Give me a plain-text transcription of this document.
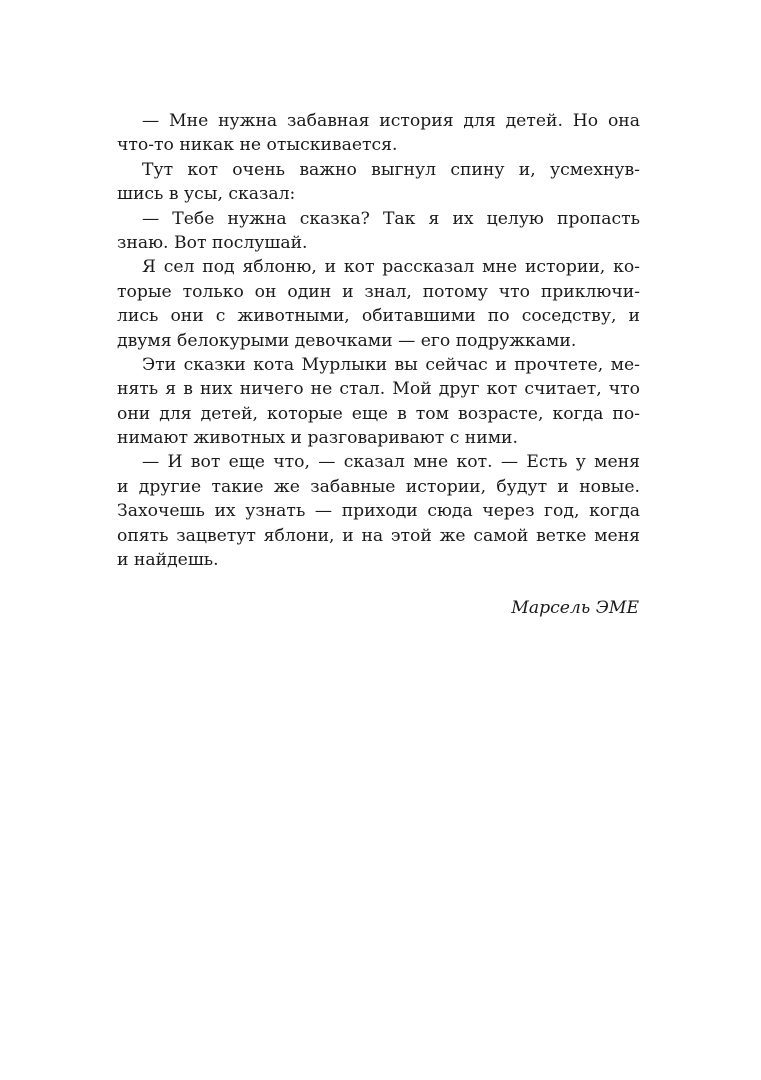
— Мне нужна забавная история для детей. Но она
что-то никак не отыскивается.
Тут кот очень важно выгнул спину и, усмехнув-
шись в усы, сказал:
— Тебе нужна сказка? Так я их целую пропасть
знаю. Вот послушай.
Я сел под яблоню, и кот рассказал мне истории, ко-
торые только он один и знал, потому что приключи-
лись они с животными, обитавшими по соседству, и
двумя белокурыми девочками — его подружками.
Эти сказки кота Мурлыки вы сейчас и прочтете, ме-
нять я в них ничего не стал. Мой друг кот считает, что
они для детей, которые еще в том возрасте, когда по-
нимают животных и разговаривают с ними.
— И вот еще что, — сказал мне кот. — Есть у меня
и другие такие же забавные истории, будут и новые.
Захочешь их узнать — приходи сюда через год, когда
опять зацветут яблони, и на этой же самой ветке меня
и найдешь.
Марсель ЭМЕ
